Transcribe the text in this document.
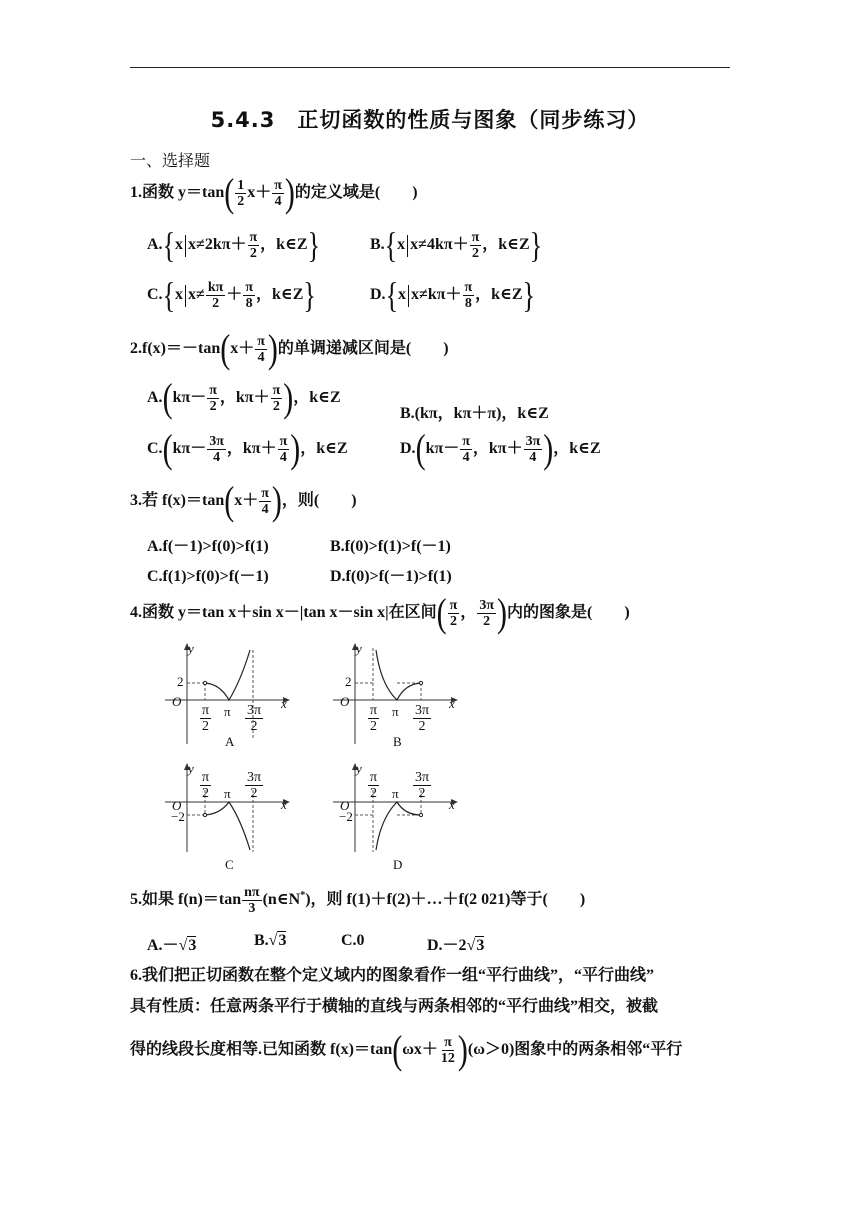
5.4.3　正切函数的性质与图象（同步练习）
一、选择题
1.函数 $y=\tan( \frac{1}{2} x+ \frac{\pi}{4}$ )的定义域是(　　)
A.{x $x\ne 2k\pi+ \frac{\pi}{2}$ ，k∈Z}	B.{x $x\ne 4k\pi+ \frac{\pi}{2}$ ，k∈Z}
C.{x $x\ne \frac{k\pi}{2} + \frac{\pi}{8}$ ，k∈Z}	D.{x $x\ne k\pi+ \frac{\pi}{8}$ ，k∈Z}
$2.f(x)=-\tan(x+ \frac{\pi}{4}$ )的单调递减区间是(　　)
$A.(k\pi- \frac{\pi}{2}$ ，$k\pi+ \frac{\pi}{2}$ )，k∈Z
B.(kπ，kπ＋π)，k∈Z
$C.(k\pi- \frac{3\pi}{4}$ ，$k\pi+ \frac{\pi}{4}$ )，k∈Z	$D.(k\pi- \frac{\pi}{4}$ ，$k\pi+ \frac{3\pi}{4}$ )，k∈Z
3.若 $f(x)=\tan(x+ \frac{\pi}{4}$ )，则(　　)
A.f(－1)>f(0)>f(1)	B.f(0)>f(1)>f(－1)
C.f(1)>f(0)>f(－1)	D.f(0)>f(－1)>f(1)
4.函数 y＝tan x＋sin x－|tan x－sin x|在区间( $\frac{\pi}{2}$ ， $\frac{3\pi}{2}$ )内的图象是(　　)
y
O
2
x
$\frac{\pi}{2}$ π $\frac{3\pi}{2}$
A
y
O
2
x
$\frac{\pi}{2}$ π $\frac{3\pi}{2}$
B
y
O
−2
x
$\frac{\pi}{2}$ π $\frac{3\pi}{2}$
C
y
O
−2
x
$\frac{\pi}{2}$ π $\frac{3\pi}{2}$
D
5.如果 $f(n)=\tan \frac{n\pi}{3}$ (n∈N*)，则 f(1)＋f(2)＋…＋f(2 021)等于(　　)
A.－√3	B.√3	C.0	D.－2√3
6.我们把正切函数在整个定义域内的图象看作一组“平行曲线”，“平行曲线”
具有性质：任意两条平行于横轴的直线与两条相邻的“平行曲线”相交，被截
得的线段长度相等.已知函数 $f(x)=\tan(\omega x+ \frac{\pi}{12} )(\omega>0)$图象中的两条相邻“平行
